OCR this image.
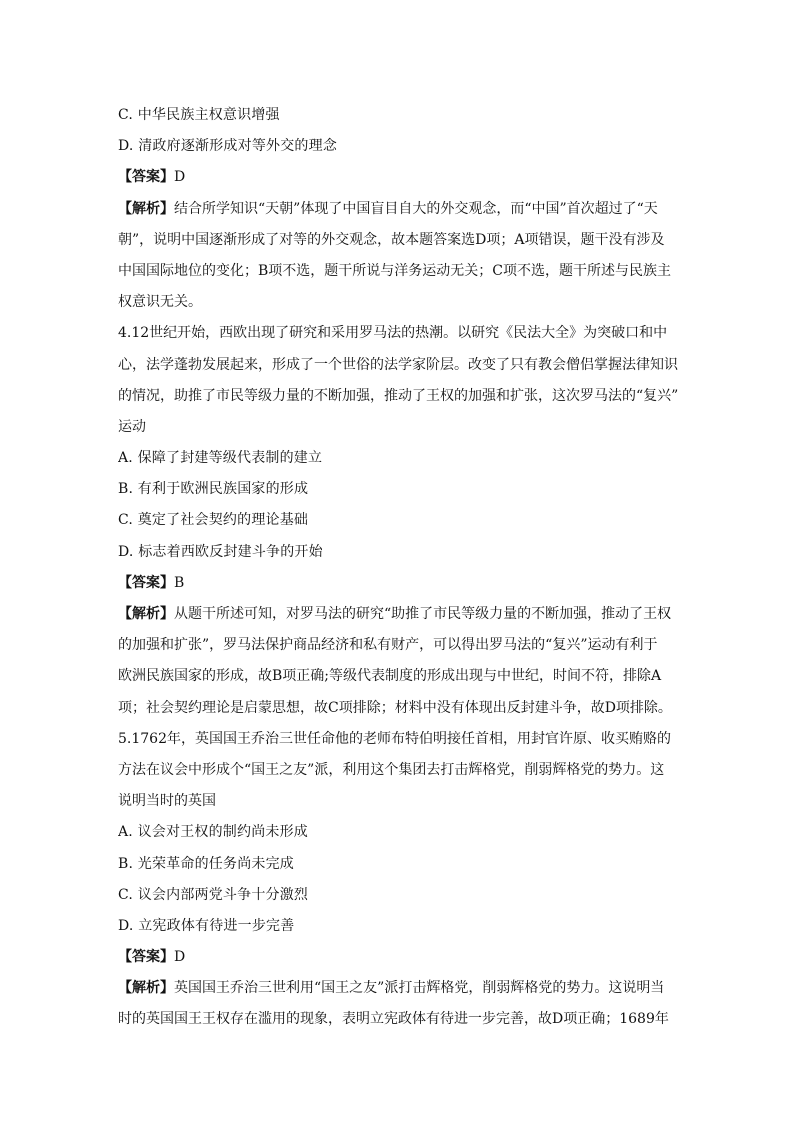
C. 中华民族主权意识增强
D. 清政府逐渐形成对等外交的理念
【答案】D
【解析】结合所学知识“天朝”体现了中国盲目自大的外交观念，而“中国”首次超过了“天
朝”，说明中国逐渐形成了对等的外交观念，故本题答案选D项；A项错误，题干没有涉及
中国国际地位的变化；B项不选，题干所说与洋务运动无关；C项不选，题干所述与民族主
权意识无关。
4.12世纪开始，西欧出现了研究和采用罗马法的热潮。以研究《民法大全》为突破口和中
心，法学蓬勃发展起来，形成了一个世俗的法学家阶层。改变了只有教会僧侣掌握法律知识
的情况，助推了市民等级力量的不断加强，推动了王权的加强和扩张，这次罗马法的“复兴”
运动
A. 保障了封建等级代表制的建立
B. 有利于欧洲民族国家的形成
C. 奠定了社会契约的理论基础
D. 标志着西欧反封建斗争的开始
【答案】B
【解析】从题干所述可知，对罗马法的研究“助推了市民等级力量的不断加强，推动了王权
的加强和扩张”，罗马法保护商品经济和私有财产，可以得出罗马法的“复兴”运动有利于
欧洲民族国家的形成，故B项正确;等级代表制度的形成出现与中世纪，时间不符，排除A
项；社会契约理论是启蒙思想，故C项排除；材料中没有体现出反封建斗争，故D项排除。
5.1762年，英国国王乔治三世任命他的老师布特伯明接任首相，用封官许原、收买贿赂的
方法在议会中形成个“国王之友”派，利用这个集团去打击辉格党，削弱辉格党的势力。这
说明当时的英国
A. 议会对王权的制约尚未形成
B. 光荣革命的任务尚未完成
C. 议会内部两党斗争十分激烈
D. 立宪政体有待进一步完善
【答案】D
【解析】英国国王乔治三世利用“国王之友”派打击辉格党，削弱辉格党的势力。这说明当
时的英国国王王权存在滥用的现象，表明立宪政体有待进一步完善，故D项正确；1689年
